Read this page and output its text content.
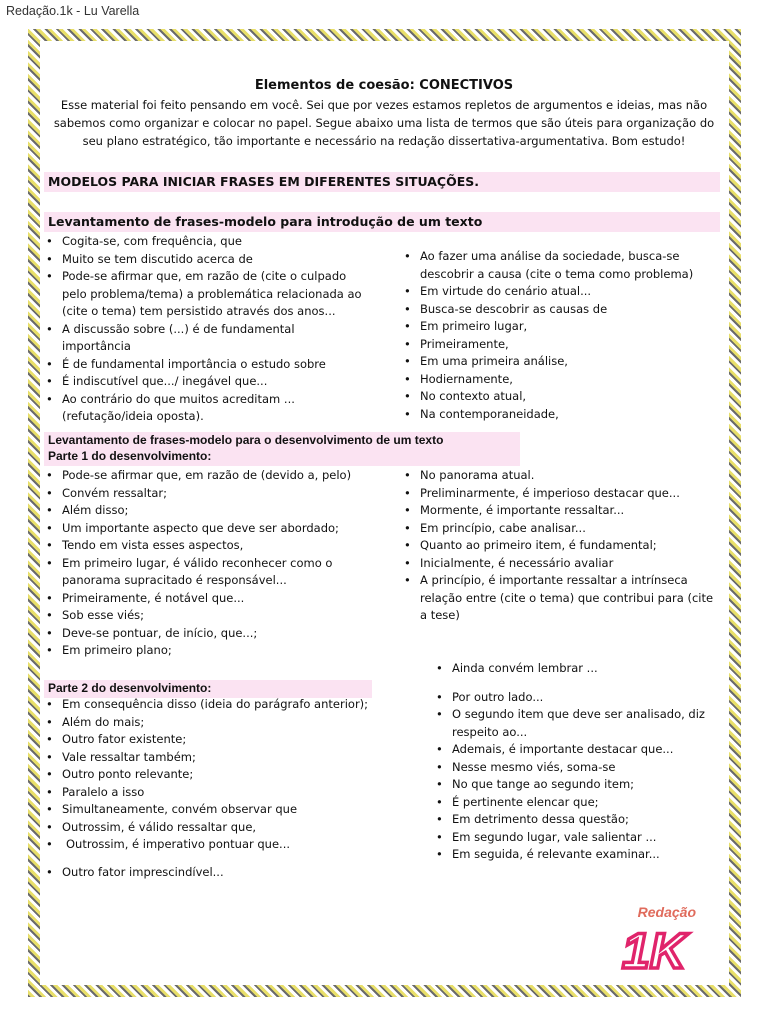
Redação.1k - Lu Varella
Elementos de coesão: CONECTIVOS
Esse material foi feito pensando em você. Sei que por vezes estamos repletos de argumentos e ideias, mas não sabemos como organizar e colocar no papel. Segue abaixo uma lista de termos que são úteis para organização do seu plano estratégico, tão importante e necessário na redação dissertativa-argumentativa. Bom estudo!
MODELOS PARA INICIAR FRASES EM DIFERENTES SITUAÇÕES.
Levantamento de frases-modelo para introdução de um texto
• Cogita-se, com frequência, que
• Muito se tem discutido acerca de
• Pode-se afirmar que, em razão de (cite o culpado pelo problema/tema) a problemática relacionada ao (cite o tema) tem persistido através dos anos...
• A discussão sobre (...) é de fundamental importância
• É de fundamental importância o estudo sobre
• É indiscutível que.../ inegável que...
• Ao contrário do que muitos acreditam ... (refutação/ideia oposta).
• Ao fazer uma análise da sociedade, busca-se descobrir a causa (cite o tema como problema)
• Em virtude do cenário atual...
• Busca-se descobrir as causas de
• Em primeiro lugar,
• Primeiramente,
• Em uma primeira análise,
• Hodiernamente,
• No contexto atual,
• Na contemporaneidade,
Levantamento de frases-modelo para o desenvolvimento de um texto
Parte 1 do desenvolvimento:
• Pode-se afirmar que, em razão de (devido a, pelo)
• Convém ressaltar;
• Além disso;
• Um importante aspecto que deve ser abordado;
• Tendo em vista esses aspectos,
• Em primeiro lugar, é válido reconhecer como o panorama supracitado é responsável...
• Primeiramente, é notável que...
• Sob esse viés;
• Deve-se pontuar, de início, que...;
• Em primeiro plano;
• No panorama atual.
• Preliminarmente, é imperioso destacar que...
• Mormente, é importante ressaltar...
• Em princípio, cabe analisar...
• Quanto ao primeiro item, é fundamental;
• Inicialmente, é necessário avaliar
• A princípio, é importante ressaltar a intrínseca relação entre (cite o tema) que contribui para (cite a tese)
Parte 2 do desenvolvimento:
• Em consequência disso (ideia do parágrafo anterior);
• Além do mais;
• Outro fator existente;
• Vale ressaltar também;
• Outro ponto relevante;
• Paralelo a isso
• Simultaneamente, convém observar que
• Outrossim, é válido ressaltar que,
• Outrossim, é imperativo pontuar que...
• Outro fator imprescindível...
• Ainda convém lembrar ...
• Por outro lado...
• O segundo item que deve ser analisado, diz respeito ao...
• Ademais, é importante destacar que...
• Nesse mesmo viés, soma-se
• No que tange ao segundo item;
• É pertinente elencar que;
• Em detrimento dessa questão;
• Em segundo lugar, vale salientar ...
• Em seguida, é relevante examinar...
Redação
1K
